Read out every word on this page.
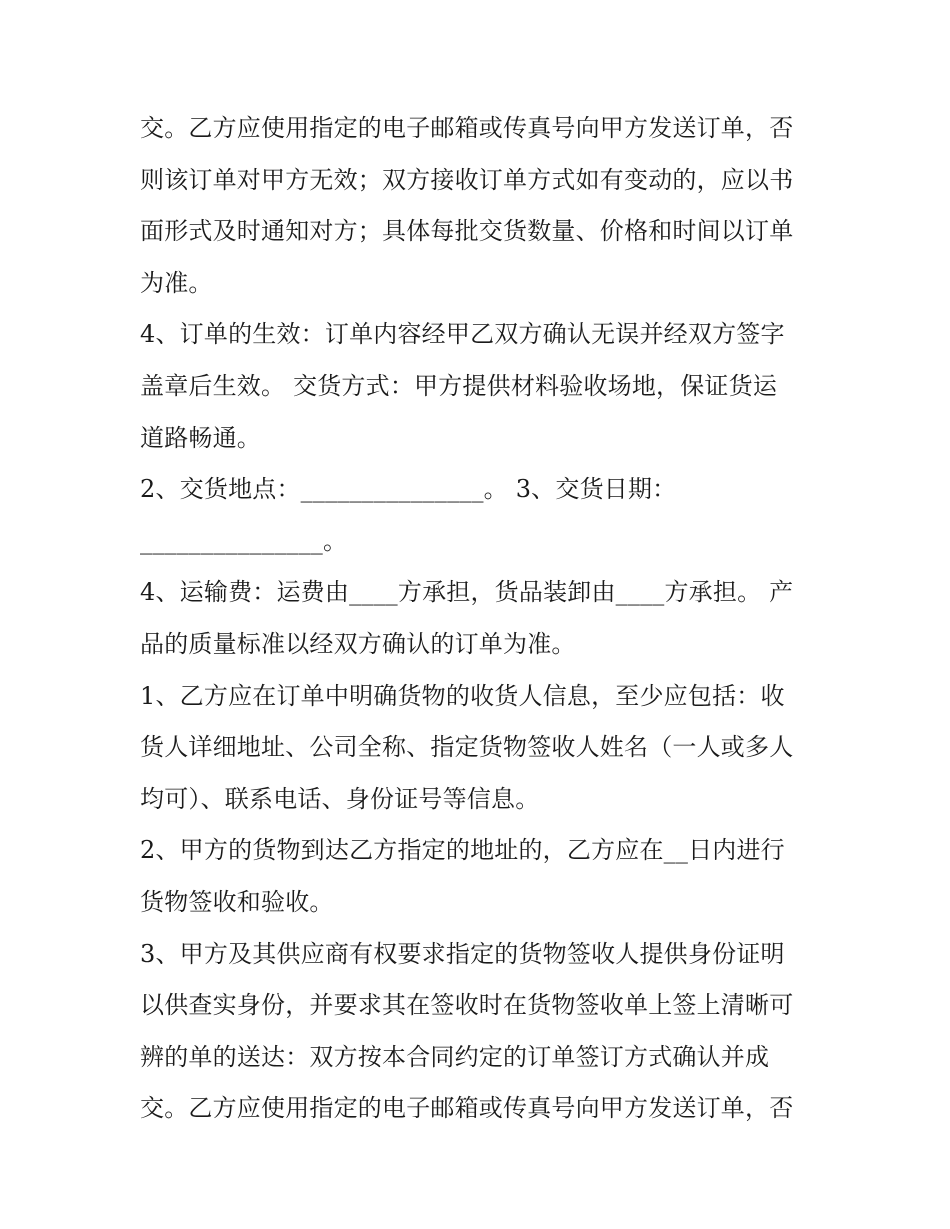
交。乙方应使用指定的电子邮箱或传真号向甲方发送订单，否
则该订单对甲方无效；双方接收订单方式如有变动的，应以书
面形式及时通知对方；具体每批交货数量、价格和时间以订单
为准。
4、订单的生效：订单内容经甲乙双方确认无误并经双方签字
盖章后生效。 交货方式：甲方提供材料验收场地，保证货运
道路畅通。
2、交货地点：_______________。 3、交货日期：
_______________。
4、运输费：运费由____方承担，货品装卸由____方承担。 产
品的质量标准以经双方确认的订单为准。
1、乙方应在订单中明确货物的收货人信息，至少应包括：收
货人详细地址、公司全称、指定货物签收人姓名（一人或多人
均可）、联系电话、身份证号等信息。
2、甲方的货物到达乙方指定的地址的，乙方应在__日内进行
货物签收和验收。
3、甲方及其供应商有权要求指定的货物签收人提供身份证明
以供查实身份，并要求其在签收时在货物签收单上签上清晰可
辨的单的送达：双方按本合同约定的订单签订方式确认并成
交。乙方应使用指定的电子邮箱或传真号向甲方发送订单，否
